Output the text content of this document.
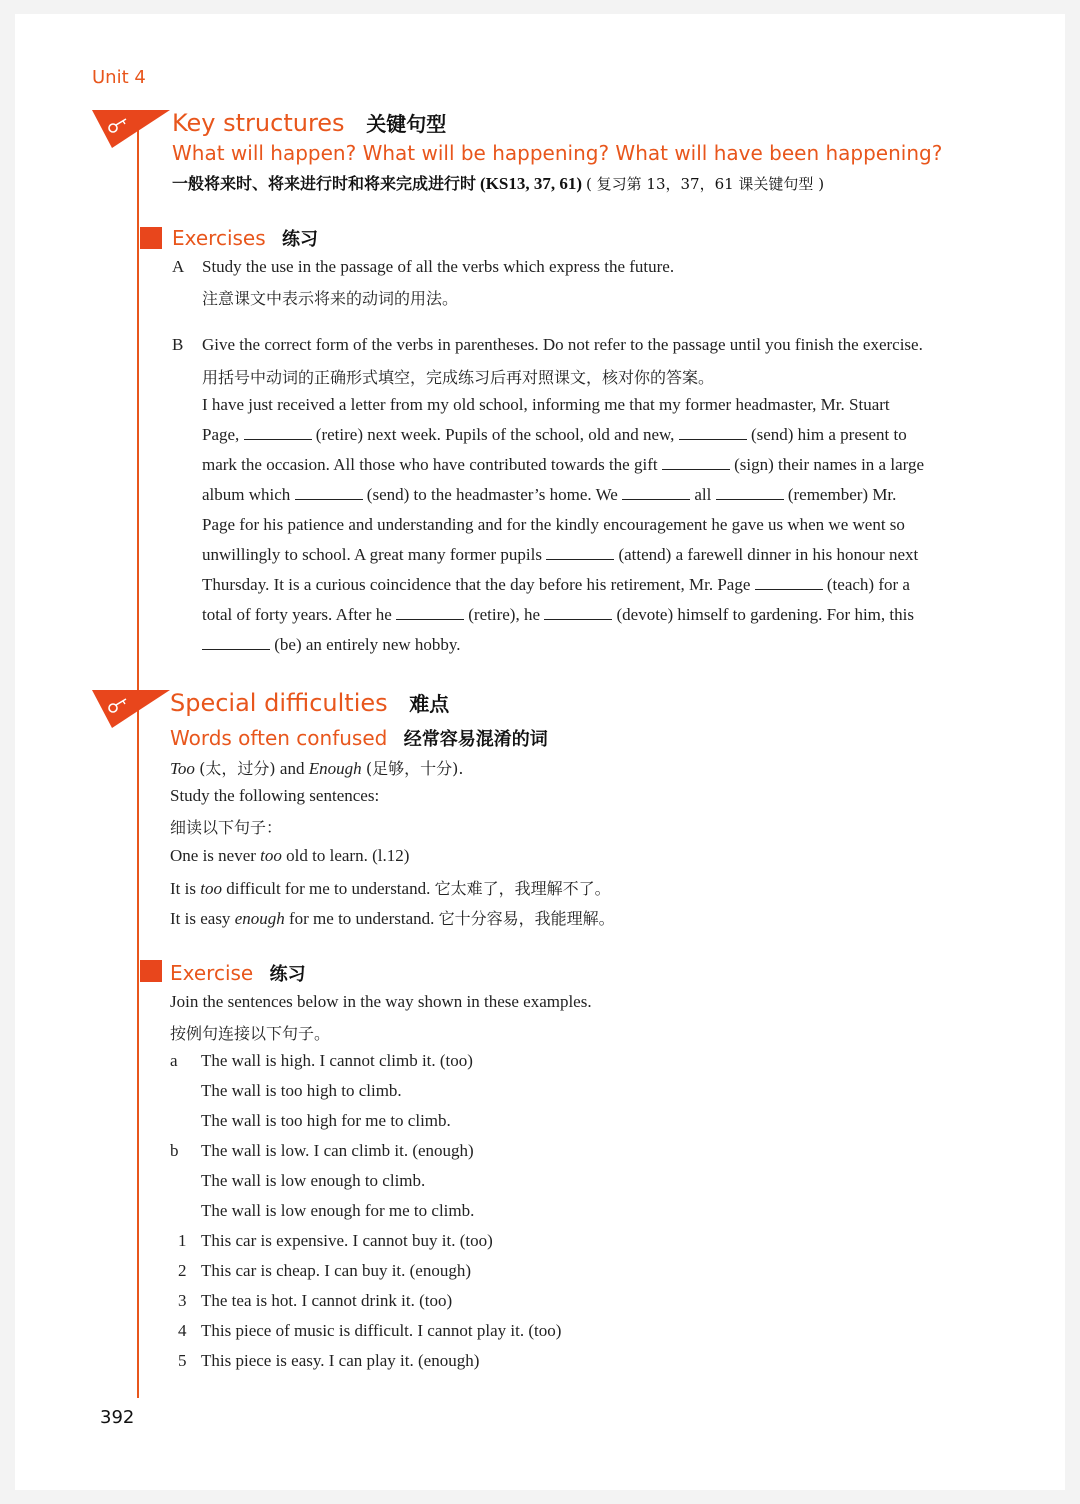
Unit 4
Key structures 关键句型
What will happen? What will be happening? What will have been happening?
一般将来时、将来进行时和将来完成进行时 (KS13, 37, 61) ( 复习第 13，37，61 课关键句型 )
Exercises 练习
A Study the use in the passage of all the verbs which express the future.
注意课文中表示将来的动词的用法。
B Give the correct form of the verbs in parentheses. Do not refer to the passage until you finish the exercise.
用括号中动词的正确形式填空，完成练习后再对照课文，核对你的答案。
I have just received a letter from my old school, informing me that my former headmaster, Mr. Stuart
Page,	(retire) next week. Pupils of the school, old and new,	(send) him a present to
mark the occasion. All those who have contributed towards the gift	(sign) their names in a large
album which	(send) to the headmaster’s home. We	all	(remember) Mr.
Page for his patience and understanding and for the kindly encouragement he gave us when we went so
unwillingly to school. A great many former pupils	(attend) a farewell dinner in his honour next
Thursday. It is a curious coincidence that the day before his retirement, Mr. Page	(teach) for a
total of forty years. After he	(retire), he	(devote) himself to gardening. For him, this
(be) an entirely new hobby.
Special difficulties 难点
Words often confused 经常容易混淆的词
Too (太，过分) and Enough (足够，十分).
Study the following sentences:
细读以下句子：
One is never too old to learn. (l.12)
It is too difficult for me to understand. 它太难了，我理解不了。
It is easy enough for me to understand. 它十分容易，我能理解。
Exercise 练习
Join the sentences below in the way shown in these examples.
按例句连接以下句子。
a The wall is high. I cannot climb it. (too)
The wall is too high to climb.
The wall is too high for me to climb.
b The wall is low. I can climb it. (enough)
The wall is low enough to climb.
The wall is low enough for me to climb.
1 This car is expensive. I cannot buy it. (too)
2 This car is cheap. I can buy it. (enough)
3 The tea is hot. I cannot drink it. (too)
4 This piece of music is difficult. I cannot play it. (too)
5 This piece is easy. I can play it. (enough)
392
